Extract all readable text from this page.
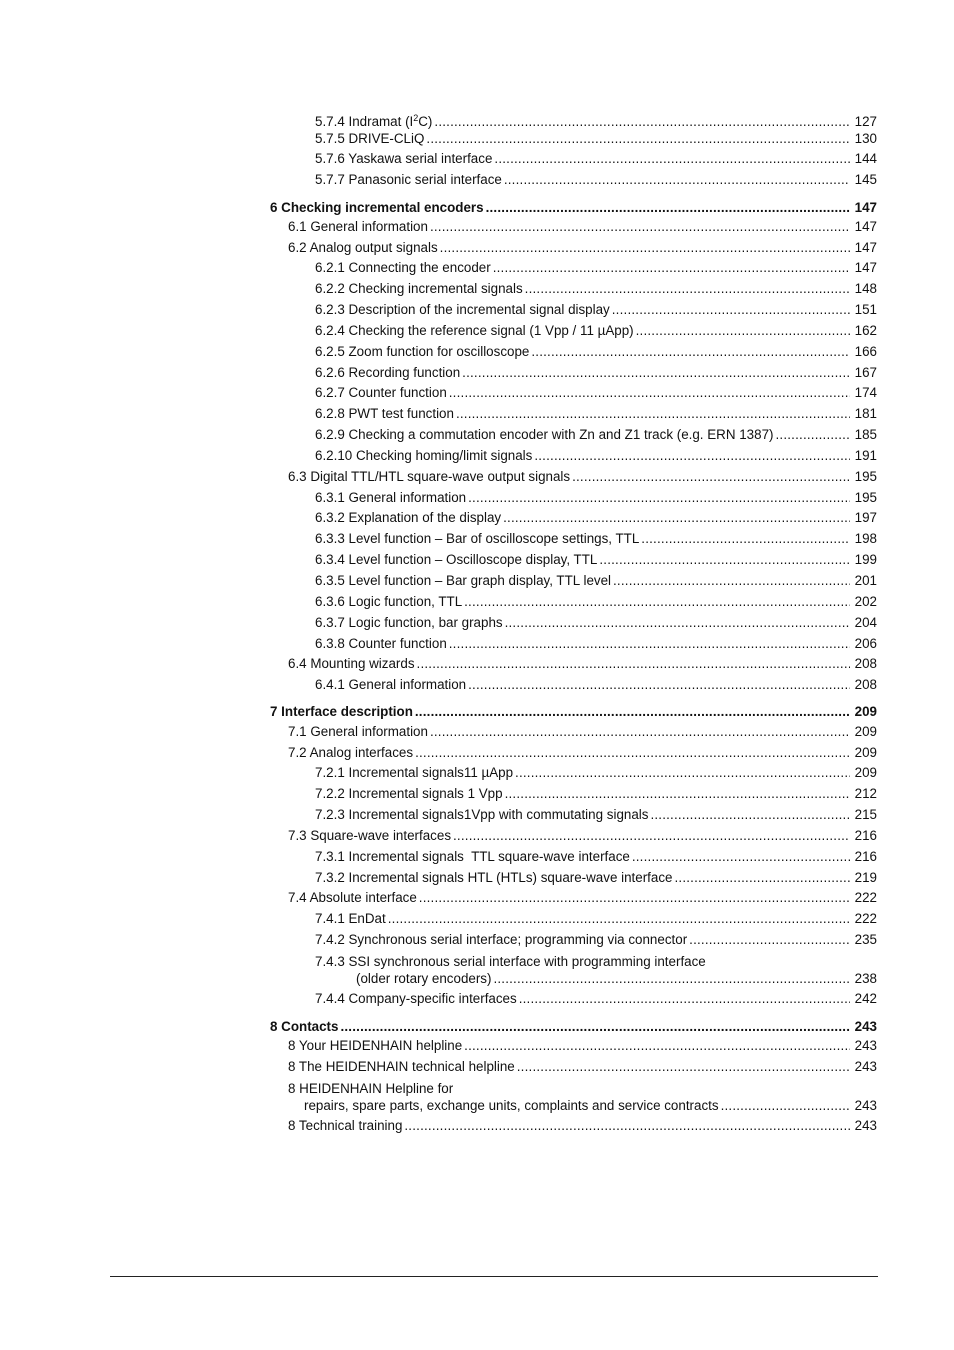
5.7.4 Indramat $(I^2C)$ .....	127
5.7.5 DRIVE-CLiQ .....	130
5.7.6 Yaskawa serial interface .....	144
5.7.7 Panasonic serial interface .....	145
6 Checking incremental encoders .....	147
6.1 General information .....	147
6.2 Analog output signals .....	147
6.2.1 Connecting the encoder .....	147
6.2.2 Checking incremental signals .....	148
6.2.3 Description of the incremental signal display .....	151
6.2.4 Checking the reference signal (1 Vpp / 11 µApp) .....	162
6.2.5 Zoom function for oscilloscope .....	166
6.2.6 Recording function .....	167
6.2.7 Counter function .....	174
6.2.8 PWT test function .....	181
6.2.9 Checking a commutation encoder with Zn and Z1 track (e.g. ERN 1387) .....	185
6.2.10 Checking homing/limit signals .....	191
6.3 Digital TTL/HTL square-wave output signals .....	195
6.3.1 General information .....	195
6.3.2 Explanation of the display .....	197
6.3.3 Level function – Bar of oscilloscope settings, TTL .....	198
6.3.4 Level function – Oscilloscope display, TTL .....	199
6.3.5 Level function – Bar graph display, TTL level .....	201
6.3.6 Logic function, TTL .....	202
6.3.7 Logic function, bar graphs .....	204
6.3.8 Counter function .....	206
6.4 Mounting wizards .....	208
6.4.1 General information .....	208
7 Interface description .....	209
7.1 General information .....	209
7.2 Analog interfaces .....	209
7.2.1 Incremental signals11 µApp .....	209
7.2.2 Incremental signals 1 Vpp .....	212
7.2.3 Incremental signals1Vpp with commutating signals .....	215
7.3 Square-wave interfaces .....	216
7.3.1 Incremental signals  TTL square-wave interface .....	216
7.3.2 Incremental signals HTL (HTLs) square-wave interface .....	219
7.4 Absolute interface .....	222
7.4.1 EnDat .....	222
7.4.2 Synchronous serial interface; programming via connector .....	235
7.4.3 SSI synchronous serial interface with programming interface
(older rotary encoders) .....	238
7.4.4 Company-specific interfaces .....	242
8 Contacts .....	243
8 Your HEIDENHAIN helpline .....	243
8 The HEIDENHAIN technical helpline .....	243
8 HEIDENHAIN Helpline for
repairs, spare parts, exchange units, complaints and service contracts .....	243
8 Technical training .....	243
